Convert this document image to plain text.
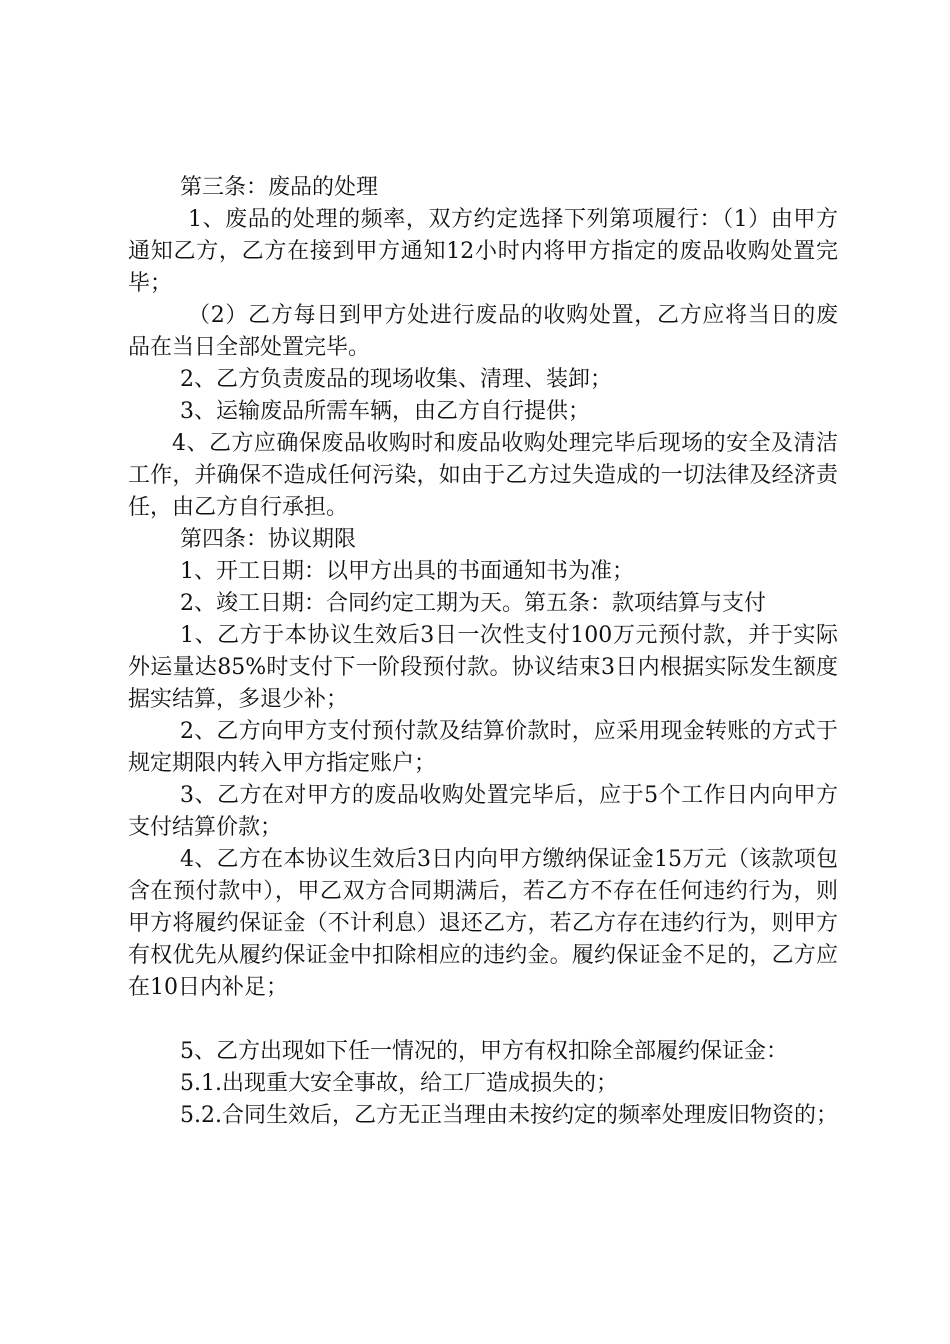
第三条：废品的处理

1、废品的处理的频率，双方约定选择下列第项履行：（1）由甲方通知乙方，乙方在接到甲方通知12小时内将甲方指定的废品收购处置完毕；

（2）乙方每日到甲方处进行废品的收购处置，乙方应将当日的废品在当日全部处置完毕。

2、乙方负责废品的现场收集、清理、装卸；

3、运输废品所需车辆，由乙方自行提供；

4、乙方应确保废品收购时和废品收购处理完毕后现场的安全及清洁工作，并确保不造成任何污染，如由于乙方过失造成的一切法律及经济责任，由乙方自行承担。

第四条：协议期限

1、开工日期：以甲方出具的书面通知书为准；

2、竣工日期：合同约定工期为天。第五条：款项结算与支付

1、乙方于本协议生效后3日一次性支付100万元预付款，并于实际外运量达85%时支付下一阶段预付款。协议结束3日内根据实际发生额度据实结算，多退少补；

2、乙方向甲方支付预付款及结算价款时，应采用现金转账的方式于规定期限内转入甲方指定账户；

3、乙方在对甲方的废品收购处置完毕后，应于5个工作日内向甲方支付结算价款；

4、乙方在本协议生效后3日内向甲方缴纳保证金15万元（该款项包含在预付款中），甲乙双方合同期满后，若乙方不存在任何违约行为，则甲方将履约保证金（不计利息）退还乙方，若乙方存在违约行为，则甲方有权优先从履约保证金中扣除相应的违约金。履约保证金不足的，乙方应在10日内补足；

5、乙方出现如下任一情况的，甲方有权扣除全部履约保证金：

5.1.出现重大安全事故，给工厂造成损失的；

5.2.合同生效后，乙方无正当理由未按约定的频率处理废旧物资的；
